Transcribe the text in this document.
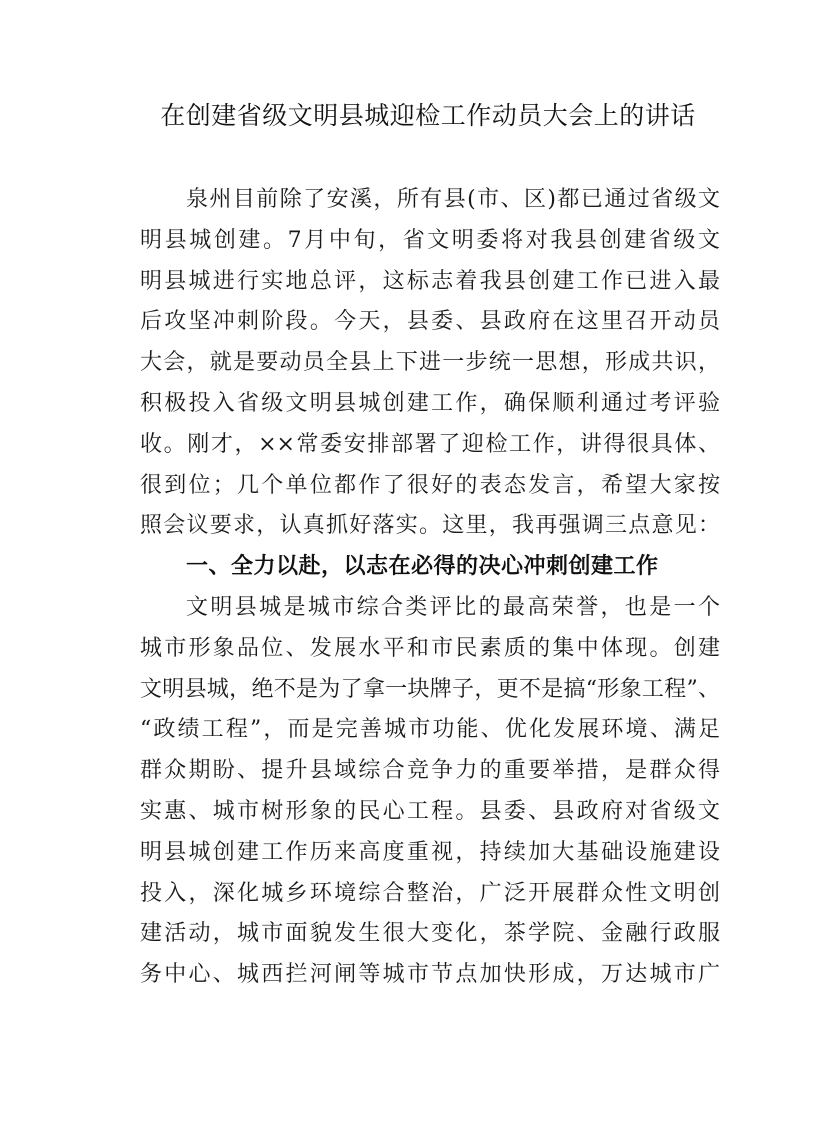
在创建省级文明县城迎检工作动员大会上的讲话
泉州目前除了安溪，所有县(市、区)都已通过省级文
明县城创建。7月中旬，省文明委将对我县创建省级文
明县城进行实地总评，这标志着我县创建工作已进入最
后攻坚冲刺阶段。今天，县委、县政府在这里召开动员
大会，就是要动员全县上下进一步统一思想，形成共识，
积极投入省级文明县城创建工作，确保顺利通过考评验
收。刚才，××常委安排部署了迎检工作，讲得很具体、
很到位；几个单位都作了很好的表态发言，希望大家按
照会议要求，认真抓好落实。这里，我再强调三点意见：
一、全力以赴，以志在必得的决心冲刺创建工作
文明县城是城市综合类评比的最高荣誉，也是一个
城市形象品位、发展水平和市民素质的集中体现。创建
文明县城，绝不是为了拿一块牌子，更不是搞“形象工程”、
“政绩工程”，而是完善城市功能、优化发展环境、满足
群众期盼、提升县域综合竞争力的重要举措，是群众得
实惠、城市树形象的民心工程。县委、县政府对省级文
明县城创建工作历来高度重视，持续加大基础设施建设
投入，深化城乡环境综合整治，广泛开展群众性文明创
建活动，城市面貌发生很大变化，茶学院、金融行政服
务中心、城西拦河闸等城市节点加快形成，万达城市广
